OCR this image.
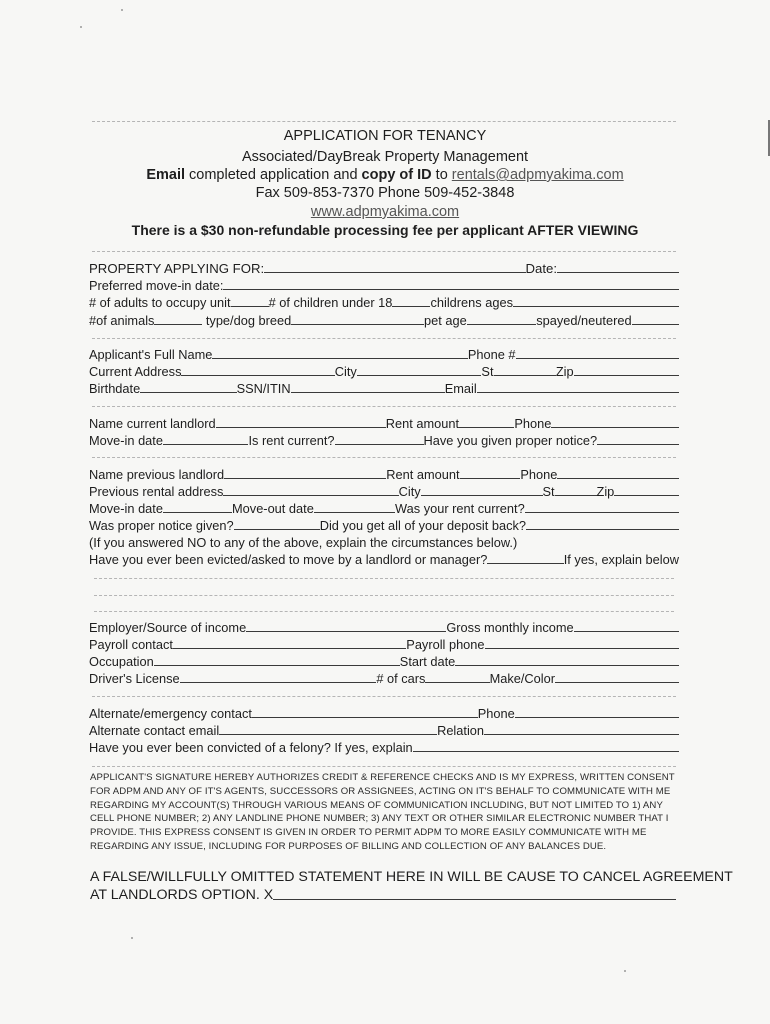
APPLICATION FOR TENANCY
Associated/DayBreak Property Management
Email completed application and copy of ID to rentals@adpmyakima.com
Fax 509-853-7370 Phone 509-452-3848
www.adpmyakima.com
There is a $30 non-refundable processing fee per applicant AFTER VIEWING
PROPERTY APPLYING FOR:	Date:
Preferred move-in date:
# of adults to occupy unit	# of children under 18	childrens ages
#of animals	type/dog breed	pet age	spayed/neutered
Applicant's Full Name	Phone #
Current Address	City	St	Zip
Birthdate	SSN/ITIN	Email
Name current landlord	Rent amount	Phone
Move-in date	Is rent current?	Have you given proper notice?
Name previous landlord	Rent amount	Phone
Previous rental address	City	St	Zip
Move-in date	Move-out date	Was your rent current?
Was proper notice given?	Did you get all of your deposit back?
(If you answered NO to any of the above, explain the circumstances below.)
Have you ever been evicted/asked to move by a landlord or manager?	If yes, explain below
Employer/Source of income	Gross monthly income
Payroll contact	Payroll phone
Occupation	Start date
Driver's License	# of cars	Make/Color
Alternate/emergency contact	Phone
Alternate contact email	Relation
Have you ever been convicted of a felony? If yes, explain
APPLICANT'S SIGNATURE HEREBY AUTHORIZES CREDIT & REFERENCE CHECKS AND IS MY EXPRESS, WRITTEN CONSENT FOR ADPM AND ANY OF IT'S AGENTS, SUCCESSORS OR ASSIGNEES, ACTING ON IT'S BEHALF TO COMMUNICATE WITH ME REGARDING MY ACCOUNT(S) THROUGH VARIOUS MEANS OF COMMUNICATION INCLUDING, BUT NOT LIMITED TO 1) ANY CELL PHONE NUMBER; 2) ANY LANDLINE PHONE NUMBER; 3) ANY TEXT OR OTHER SIMILAR ELECTRONIC NUMBER THAT I PROVIDE. THIS EXPRESS CONSENT IS GIVEN IN ORDER TO PERMIT ADPM TO MORE EASILY COMMUNICATE WITH ME REGARDING ANY ISSUE, INCLUDING FOR PURPOSES OF BILLING AND COLLECTION OF ANY BALANCES DUE.
A FALSE/WILLFULLY OMITTED STATEMENT HERE IN WILL BE CAUSE TO CANCEL AGREEMENT
AT LANDLORDS OPTION. X
